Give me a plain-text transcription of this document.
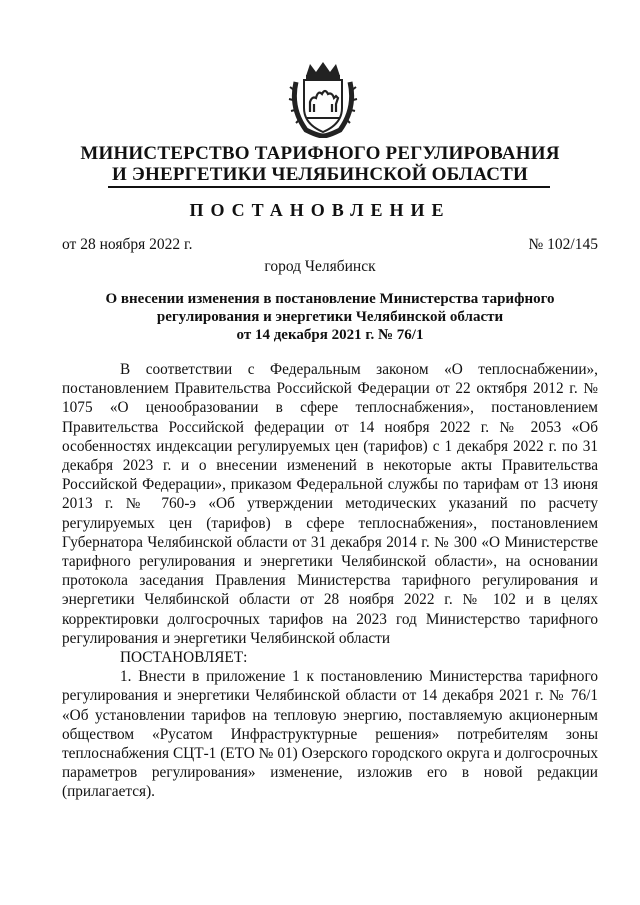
МИНИСТЕРСТВО ТАРИФНОГО РЕГУЛИРОВАНИЯ
И ЭНЕРГЕТИКИ ЧЕЛЯБИНСКОЙ ОБЛАСТИ
ПОСТАНОВЛЕНИЕ
от 28 ноября 2022 г.	№ 102/145
город Челябинск
О внесении изменения в постановление Министерства тарифного
регулирования и энергетики Челябинской области
от 14 декабря 2021 г. № 76/1

В соответствии с Федеральным законом «О теплоснабжении», постановлением Правительства Российской Федерации от 22 октября 2012 г. № 1075 «О ценообразовании в сфере теплоснабжения», постановлением Правительства Российской федерации от 14 ноября 2022 г. № 2053 «Об особенностях индексации регулируемых цен (тарифов) с 1 декабря 2022 г. по 31 декабря 2023 г. и о внесении изменений в некоторые акты Правительства Российской Федерации», приказом Федеральной службы по тарифам от 13 июня 2013 г. № 760-э «Об утверждении методических указаний по расчету регулируемых цен (тарифов) в сфере теплоснабжения», постановлением Губернатора Челябинской области от 31 декабря 2014 г. № 300 «О Министерстве тарифного регулирования и энергетики Челябинской области», на основании протокола заседания Правления Министерства тарифного регулирования и энергетики Челябинской области от 28 ноября 2022 г. № 102 и в целях корректировки долгосрочных тарифов на 2023 год Министерство тарифного регулирования и энергетики Челябинской области

ПОСТАНОВЛЯЕТ:

1. Внести в приложение 1 к постановлению Министерства тарифного регулирования и энергетики Челябинской области от 14 декабря 2021 г. № 76/1 «Об установлении тарифов на тепловую энергию, поставляемую акционерным обществом «Русатом Инфраструктурные решения» потребителям зоны теплоснабжения СЦТ-1 (ЕТО № 01) Озерского городского округа и долгосрочных параметров регулирования» изменение, изложив его в новой редакции (прилагается).
